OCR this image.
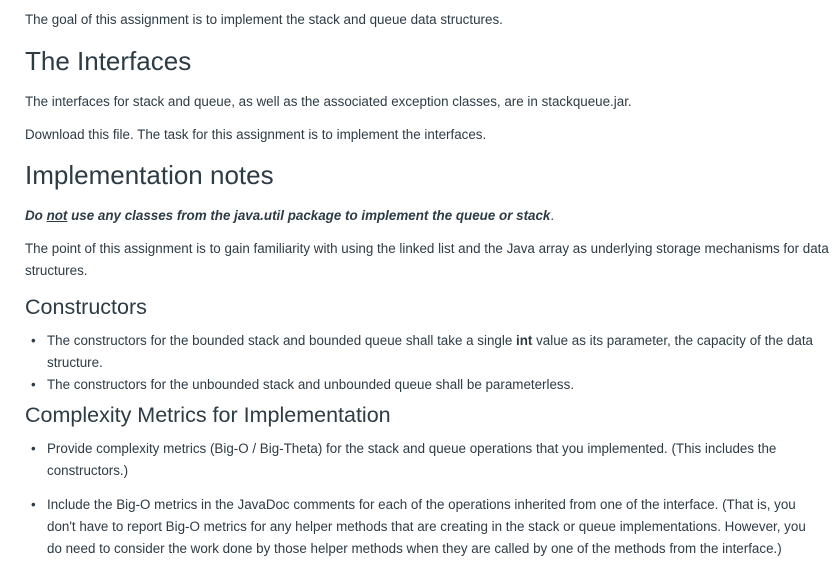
The goal of this assignment is to implement the stack and queue data structures.

The Interfaces

The interfaces for stack and queue, as well as the associated exception classes, are in stackqueue.jar.

Download this file. The task for this assignment is to implement the interfaces.

Implementation notes

Do not use any classes from the java.util package to implement the queue or stack.

The point of this assignment is to gain familiarity with using the linked list and the Java array as underlying storage mechanisms for data structures.

Constructors
• The constructors for the bounded stack and bounded queue shall take a single int value as its parameter, the capacity of the data structure.
• The constructors for the unbounded stack and unbounded queue shall be parameterless.
Complexity Metrics for Implementation
• Provide complexity metrics (Big-O / Big-Theta) for the stack and queue operations that you implemented. (This includes the constructors.)
• Include the Big-O metrics in the JavaDoc comments for each of the operations inherited from one of the interface. (That is, you don't have to report Big-O metrics for any helper methods that are creating in the stack or queue implementations. However, you do need to consider the work done by those helper methods when they are called by one of the methods from the interface.)
